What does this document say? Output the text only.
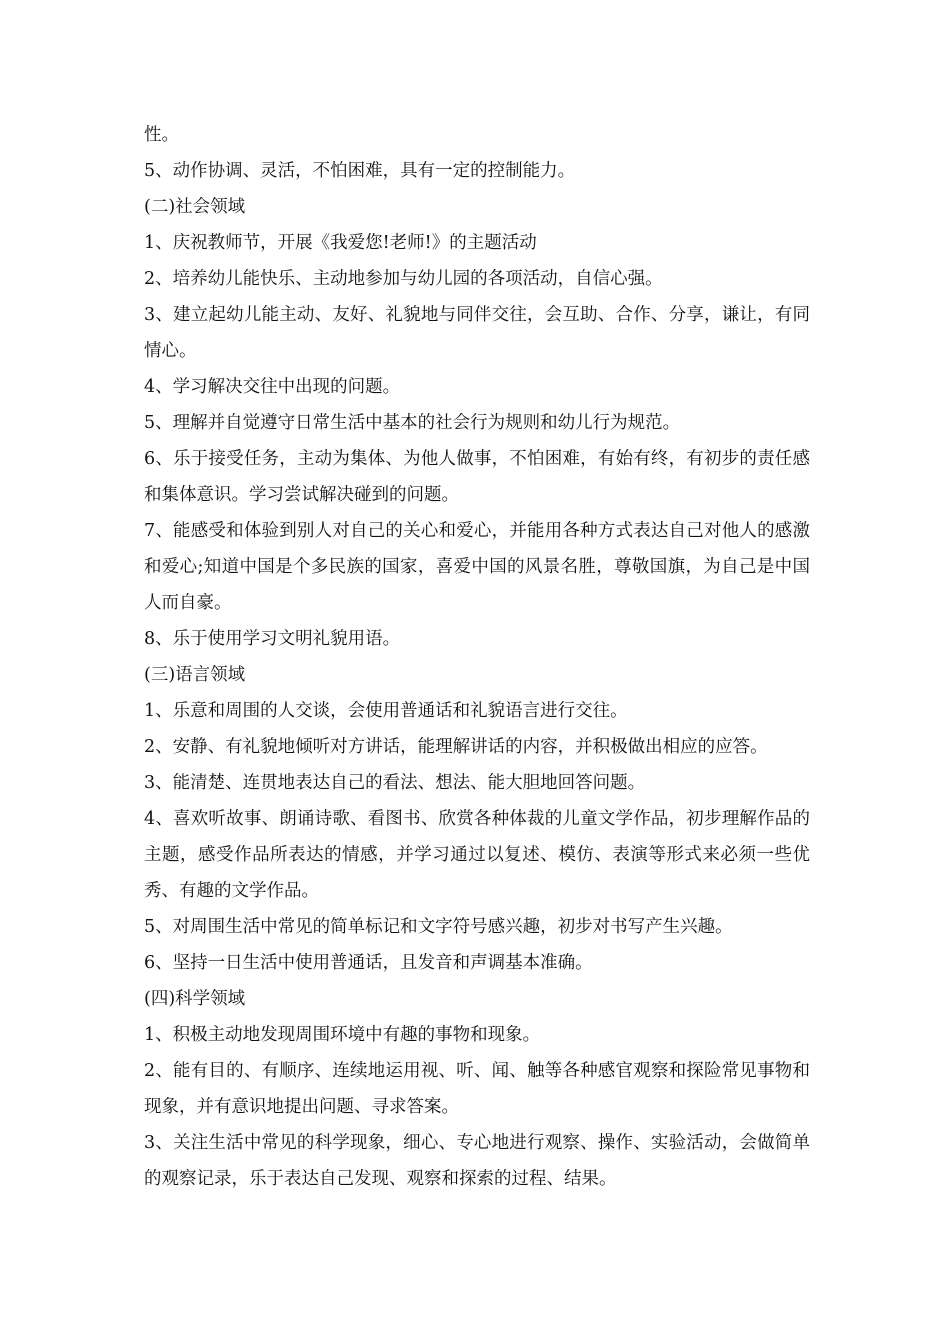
性。

5、动作协调、灵活，不怕困难，具有一定的控制能力。

(二)社会领域

1、庆祝教师节，开展《我爱您!老师!》的主题活动

2、培养幼儿能快乐、主动地参加与幼儿园的各项活动，自信心强。

3、建立起幼儿能主动、友好、礼貌地与同伴交往，会互助、合作、分享，谦让，有同情心。

4、学习解决交往中出现的问题。

5、理解并自觉遵守日常生活中基本的社会行为规则和幼儿行为规范。

6、乐于接受任务，主动为集体、为他人做事，不怕困难，有始有终，有初步的责任感和集体意识。学习尝试解决碰到的问题。

7、能感受和体验到别人对自己的关心和爱心，并能用各种方式表达自己对他人的感激和爱心;知道中国是个多民族的国家，喜爱中国的风景名胜，尊敬国旗，为自己是中国人而自豪。

8、乐于使用学习文明礼貌用语。

(三)语言领域

1、乐意和周围的人交谈，会使用普通话和礼貌语言进行交往。

2、安静、有礼貌地倾听对方讲话，能理解讲话的内容，并积极做出相应的应答。

3、能清楚、连贯地表达自己的看法、想法、能大胆地回答问题。

4、喜欢听故事、朗诵诗歌、看图书、欣赏各种体裁的儿童文学作品，初步理解作品的主题，感受作品所表达的情感，并学习通过以复述、模仿、表演等形式来必须一些优秀、有趣的文学作品。

5、对周围生活中常见的简单标记和文字符号感兴趣，初步对书写产生兴趣。

6、坚持一日生活中使用普通话，且发音和声调基本准确。

(四)科学领域

1、积极主动地发现周围环境中有趣的事物和现象。

2、能有目的、有顺序、连续地运用视、听、闻、触等各种感官观察和探险常见事物和现象，并有意识地提出问题、寻求答案。

3、关注生活中常见的科学现象，细心、专心地进行观察、操作、实验活动，会做简单的观察记录，乐于表达自己发现、观察和探索的过程、结果。
